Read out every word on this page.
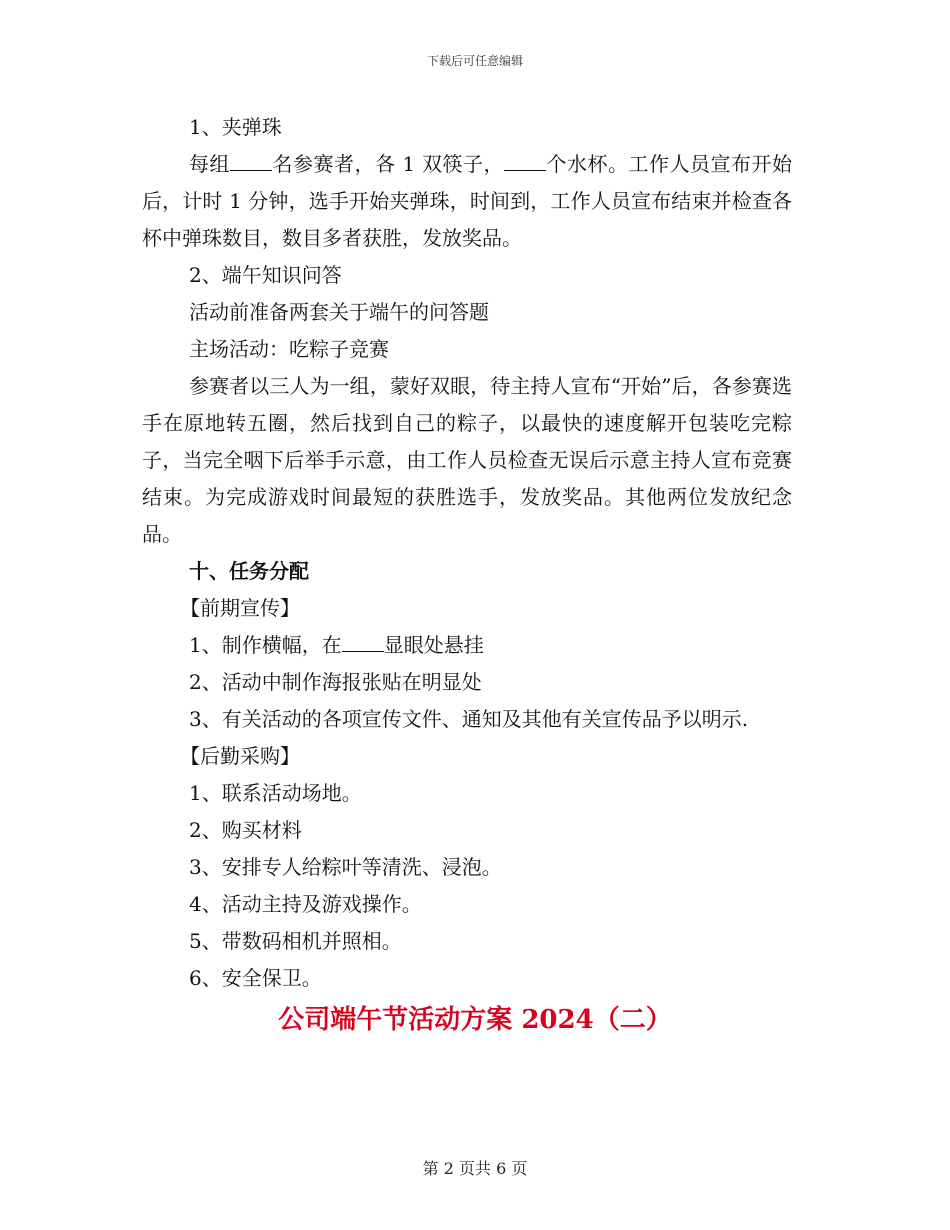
下载后可任意编辑
1、夹弹珠
每组 名参赛者，各 1 双筷子， 个水杯。工作人员宣布开始后，计时 1 分钟，选手开始夹弹珠，时间到，工作人员宣布结束并检查各杯中弹珠数目，数目多者获胜，发放奖品。
2、端午知识问答
活动前准备两套关于端午的问答题
主场活动：吃粽子竞赛
参赛者以三人为一组，蒙好双眼，待主持人宣布“开始”后，各参赛选手在原地转五圈，然后找到自己的粽子，以最快的速度解开包装吃完粽子，当完全咽下后举手示意，由工作人员检查无误后示意主持人宣布竞赛结束。为完成游戏时间最短的获胜选手，发放奖品。其他两位发放纪念品。
十、任务分配
【前期宣传】
1、制作横幅，在 显眼处悬挂
2、活动中制作海报张贴在明显处
3、有关活动的各项宣传文件、通知及其他有关宣传品予以明示.
【后勤采购】
1、联系活动场地。
2、购买材料
3、安排专人给粽叶等清洗、浸泡。
4、活动主持及游戏操作。
5、带数码相机并照相。
6、安全保卫。
公司端午节活动方案 2024（二）
第 2 页共 6 页
